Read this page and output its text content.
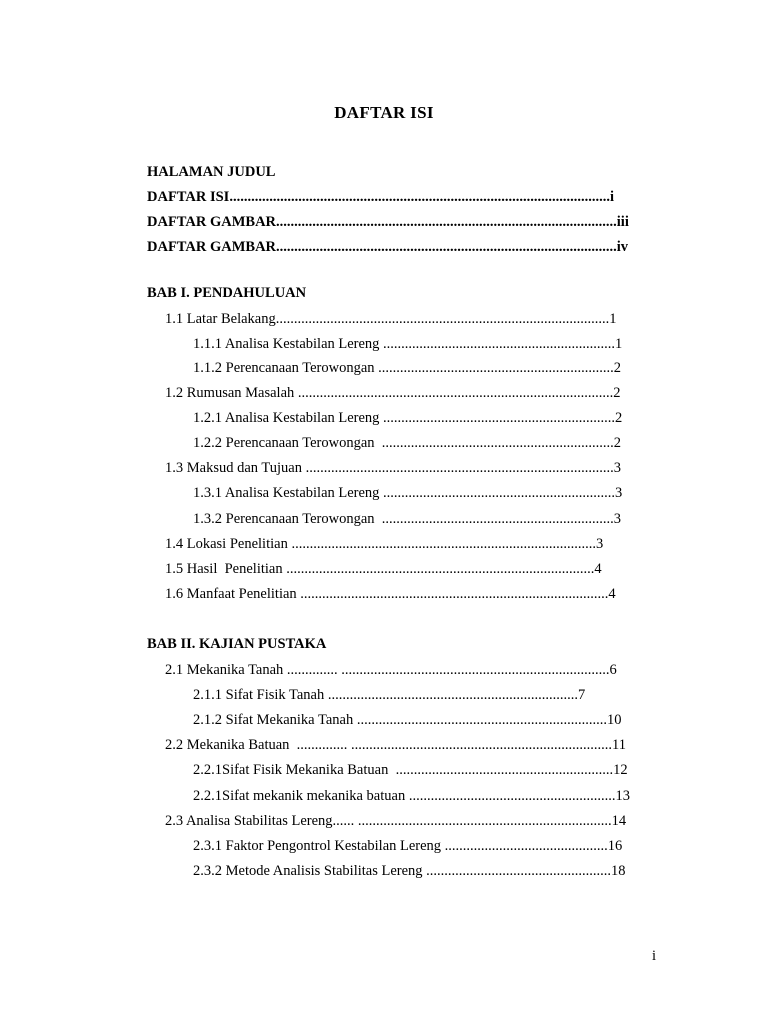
DAFTAR ISI
HALAMAN JUDUL
DAFTAR ISI.........................................................................................................i
DAFTAR GAMBAR..............................................................................................iii
DAFTAR GAMBAR..............................................................................................iv
BAB I. PENDAHULUAN
1.1 Latar Belakang............................................................................................1
1.1.1 Analisa Kestabilan Lereng ................................................................1
1.1.2 Perencanaan Terowongan .................................................................2
1.2 Rumusan Masalah .......................................................................................2
1.2.1 Analisa Kestabilan Lereng ................................................................2
1.2.2 Perencanaan Terowongan  ................................................................2
1.3 Maksud dan Tujuan .....................................................................................3
1.3.1 Analisa Kestabilan Lereng ................................................................3
1.3.2 Perencanaan Terowongan  ................................................................3
1.4 Lokasi Penelitian ....................................................................................3
1.5 Hasil  Penelitian .....................................................................................4
1.6 Manfaat Penelitian .....................................................................................4
BAB II. KAJIAN PUSTAKA
2.1 Mekanika Tanah .............. ..........................................................................6
2.1.1 Sifat Fisik Tanah .....................................................................7
2.1.2 Sifat Mekanika Tanah .....................................................................10
2.2 Mekanika Batuan  .............. ........................................................................11
2.2.1Sifat Fisik Mekanika Batuan  ............................................................12
2.2.1Sifat mekanik mekanika batuan .........................................................13
2.3 Analisa Stabilitas Lereng...... ......................................................................14
2.3.1 Faktor Pengontrol Kestabilan Lereng .............................................16
2.3.2 Metode Analisis Stabilitas Lereng ...................................................18
i
